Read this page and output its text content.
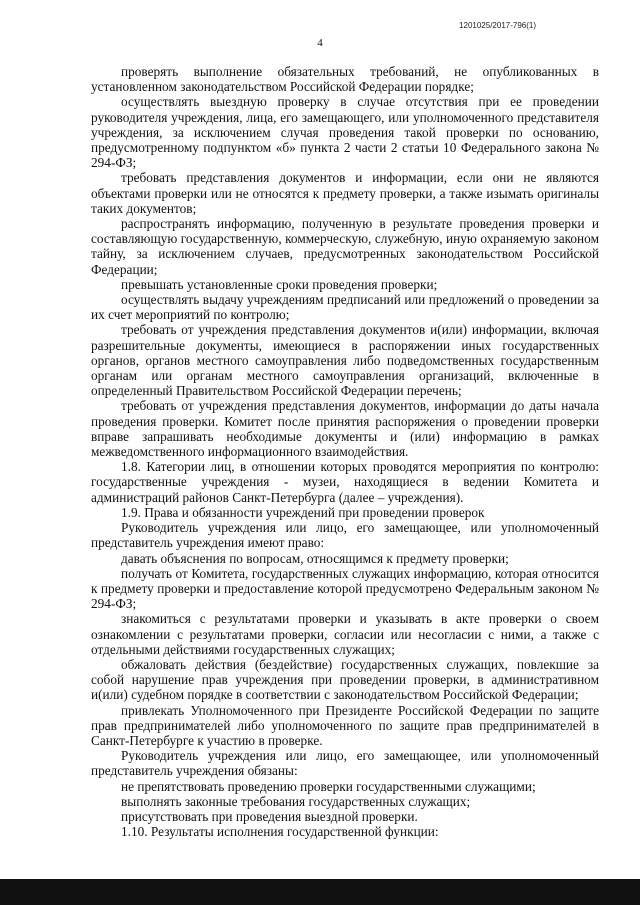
1201025/2017-796(1)
4

проверять выполнение обязательных требований, не опубликованных в установленном законодательством Российской Федерации порядке;

осуществлять выездную проверку в случае отсутствия при ее проведении руководителя учреждения, лица, его замещающего, или уполномоченного представителя учреждения, за исключением случая проведения такой проверки по основанию, предусмотренному подпунктом «б» пункта 2 части 2 статьи 10 Федерального закона № 294-ФЗ;

требовать представления документов и информации, если они не являются объектами проверки или не относятся к предмету проверки, а также изымать оригиналы таких документов;

распространять информацию, полученную в результате проведения проверки и составляющую государственную, коммерческую, служебную, иную охраняемую законом тайну, за исключением случаев, предусмотренных законодательством Российской Федерации;

превышать установленные сроки проведения проверки;

осуществлять выдачу учреждениям предписаний или предложений о проведении за их счет мероприятий по контролю;

требовать от учреждения представления документов и(или) информации, включая разрешительные документы, имеющиеся в распоряжении иных государственных органов, органов местного самоуправления либо подведомственных государственным органам или органам местного самоуправления организаций, включенные в определенный Правительством Российской Федерации перечень;

требовать от учреждения представления документов, информации до даты начала проведения проверки. Комитет после принятия распоряжения о проведении проверки вправе запрашивать необходимые документы и (или) информацию в рамках межведомственного информационного взаимодействия.

1.8. Категории лиц, в отношении которых проводятся мероприятия по контролю: государственные учреждения - музеи, находящиеся в ведении Комитета и администраций районов Санкт-Петербурга (далее – учреждения).

1.9. Права и обязанности учреждений при проведении проверок

Руководитель учреждения или лицо, его замещающее, или уполномоченный представитель учреждения имеют право:

давать объяснения по вопросам, относящимся к предмету проверки;

получать от Комитета, государственных служащих информацию, которая относится к предмету проверки и предоставление которой предусмотрено Федеральным законом № 294-ФЗ;

знакомиться с результатами проверки и указывать в акте проверки о своем ознакомлении с результатами проверки, согласии или несогласии с ними, а также с отдельными действиями государственных служащих;

обжаловать действия (бездействие) государственных служащих, повлекшие за собой нарушение прав учреждения при проведении проверки, в административном и(или) судебном порядке в соответствии с законодательством Российской Федерации;

привлекать Уполномоченного при Президенте Российской Федерации по защите прав предпринимателей либо уполномоченного по защите прав предпринимателей в Санкт-Петербурге к участию в проверке.

Руководитель учреждения или лицо, его замещающее, или уполномоченный представитель учреждения обязаны:

не препятствовать проведению проверки государственными служащими;

выполнять законные требования государственных служащих;

присутствовать при проведения выездной проверки.

1.10. Результаты исполнения государственной функции:
